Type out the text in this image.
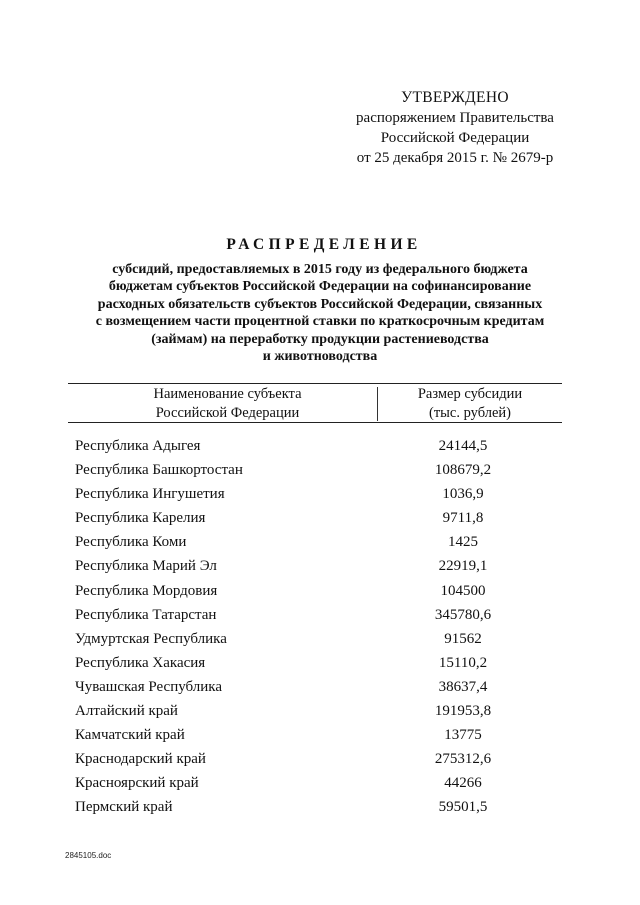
УТВЕРЖДЕНО
распоряжением Правительства
Российской Федерации
от 25 декабря 2015 г. № 2679-р
РАСПРЕДЕЛЕНИЕ
субсидий, предоставляемых в 2015 году из федерального бюджета
бюджетам субъектов Российской Федерации на софинансирование
расходных обязательств субъектов Российской Федерации, связанных
с возмещением части процентной ставки по краткосрочным кредитам
(займам) на переработку продукции растениеводства
и животноводства
Наименование субъекта
Российской Федерации
Размер субсидии
(тыс. рублей)
Республика Адыгея	24144,5
Республика Башкортостан	108679,2
Республика Ингушетия	1036,9
Республика Карелия	9711,8
Республика Коми	1425
Республика Марий Эл	22919,1
Республика Мордовия	104500
Республика Татарстан	345780,6
Удмуртская Республика	91562
Республика Хакасия	15110,2
Чувашская Республика	38637,4
Алтайский край	191953,8
Камчатский край	13775
Краснодарский край	275312,6
Красноярский край	44266
Пермский край	59501,5
2845105.doc
